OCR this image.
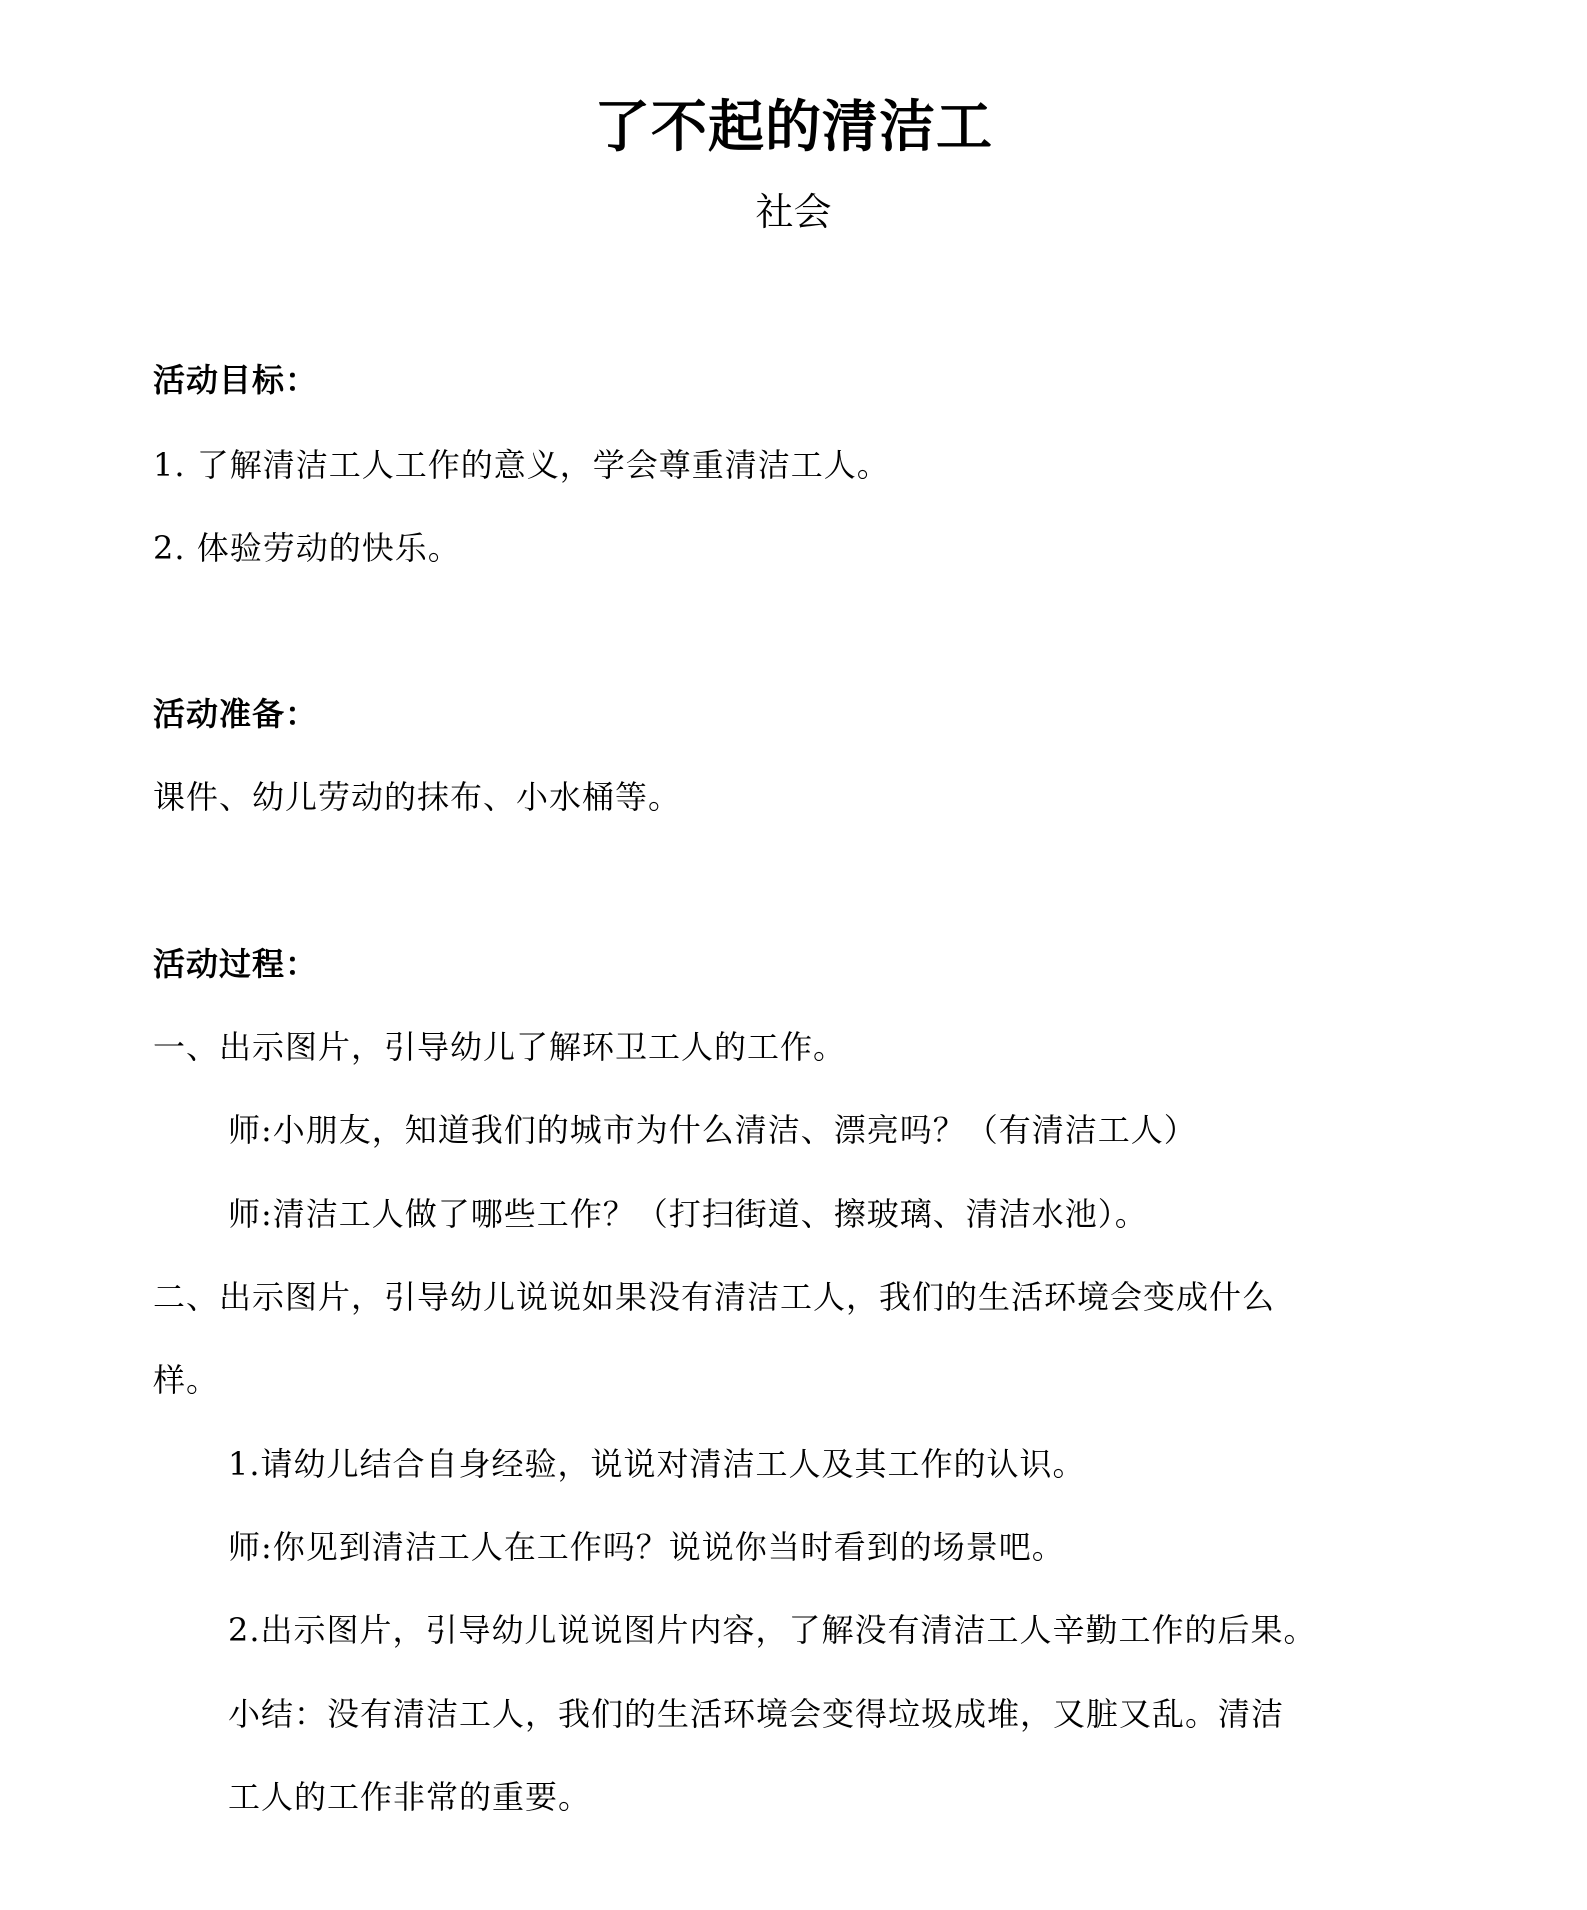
了不起的清洁工
社会
活动目标：
1. 了解清洁工人工作的意义，学会尊重清洁工人。
2. 体验劳动的快乐。
活动准备：
课件、幼儿劳动的抹布、小水桶等。
活动过程：
一、出示图片，引导幼儿了解环卫工人的工作。
师:小朋友，知道我们的城市为什么清洁、漂亮吗？（有清洁工人）
师:清洁工人做了哪些工作？（打扫街道、擦玻璃、清洁水池）。
二、出示图片，引导幼儿说说如果没有清洁工人，我们的生活环境会变成什么
样。
1.请幼儿结合自身经验，说说对清洁工人及其工作的认识。
师:你见到清洁工人在工作吗？说说你当时看到的场景吧。
2.出示图片，引导幼儿说说图片内容，了解没有清洁工人辛勤工作的后果。
小结：没有清洁工人，我们的生活环境会变得垃圾成堆，又脏又乱。清洁
工人的工作非常的重要。
